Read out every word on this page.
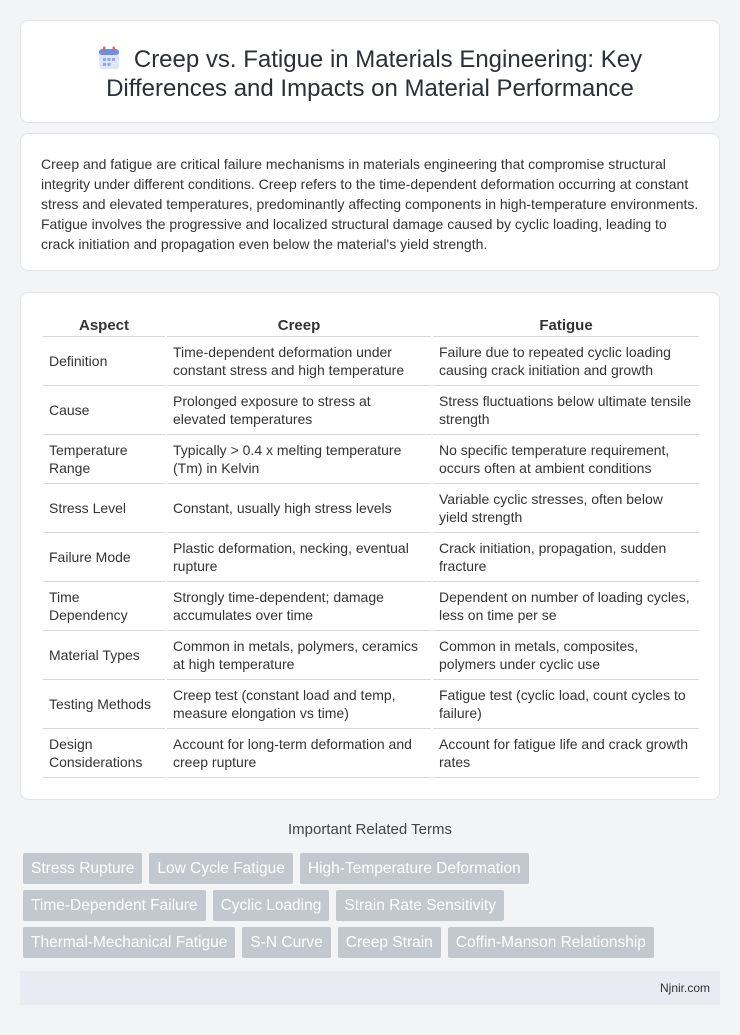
Creep vs. Fatigue in Materials Engineering: Key Differences and Impacts on Material Performance

Creep and fatigue are critical failure mechanisms in materials engineering that compromise structural integrity under different conditions. Creep refers to the time-dependent deformation occurring at constant stress and elevated temperatures, predominantly affecting components in high-temperature environments. Fatigue involves the progressive and localized structural damage caused by cyclic loading, leading to crack initiation and propagation even below the material's yield strength.

Aspect	Creep	Fatigue
Definition	Time-dependent deformation under constant stress and high temperature	Failure due to repeated cyclic loading causing crack initiation and growth
Cause	Prolonged exposure to stress at elevated temperatures	Stress fluctuations below ultimate tensile strength
Temperature Range	Typically > 0.4 x melting temperature (Tm) in Kelvin	No specific temperature requirement, occurs often at ambient conditions
Stress Level	Constant, usually high stress levels	Variable cyclic stresses, often below yield strength
Failure Mode	Plastic deformation, necking, eventual rupture	Crack initiation, propagation, sudden fracture
Time Dependency	Strongly time-dependent; damage accumulates over time	Dependent on number of loading cycles, less on time per se
Material Types	Common in metals, polymers, ceramics at high temperature	Common in metals, composites, polymers under cyclic use
Testing Methods	Creep test (constant load and temp, measure elongation vs time)	Fatigue test (cyclic load, count cycles to failure)
Design Considerations	Account for long-term deformation and creep rupture	Account for fatigue life and crack growth rates
Important Related Terms
Stress Rupture	Low Cycle Fatigue	High-Temperature Deformation
Time-Dependent Failure	Cyclic Loading	Strain Rate Sensitivity
Thermal-Mechanical Fatigue	S-N Curve	Creep Strain	Coffin-Manson Relationship
Njnir.com
